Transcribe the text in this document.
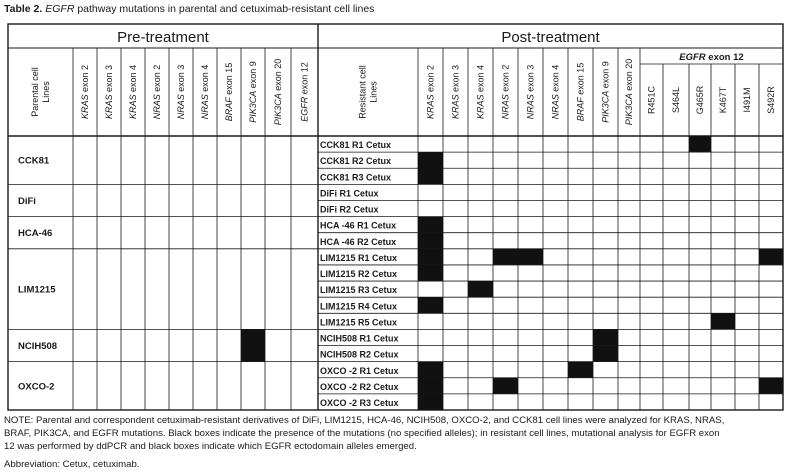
Table 2. EGFR pathway mutations in parental and cetuximab-resistant cell lines
Pre-treatment	Post-treatment
EGFR exon 12
Parental cellLines
KRAS exon 2
KRAS exon 3
KRAS exon 4
NRAS exon 2
NRAS exon 3
NRAS exon 4
BRAF exon 15
PIK3CA exon 9
PIK3CA exon 20
EGFR exon 12	Resistant cellLines
KRAS exon 2
KRAS exon 3
KRAS exon 4
NRAS exon 2
NRAS exon 3
NRAS exon 4
BRAF exon 15
PIK3CA exon 9
PIK3CA exon 20
R451C S464L G465R K467T I491M S492R
CCK81
DiFi
HCA-46
LIM1215
NCIH508
OXCO-2
CCK81 R1 Cetux
CCK81 R2 Cetux
CCK81 R3 Cetux
DiFi R1 Cetux
DiFi R2 Cetux
HCA -46 R1 Cetux
HCA -46 R2 Cetux
LIM1215 R1 Cetux
LIM1215 R2 Cetux
LIM1215 R3 Cetux
LIM1215 R4 Cetux
LIM1215 R5 Cetux
NCIH508 R1 Cetux
NCIH508 R2 Cetux
OXCO -2 R1 Cetux
OXCO -2 R2 Cetux
OXCO -2 R3 Cetux

NOTE: Parental and correspondent cetuximab-resistant derivatives of DiFi, LIM1215, HCA-46, NCIH508, OXCO-2, and CCK81 cell lines were analyzed for KRAS, NRAS,

BRAF, PIK3CA, and EGFR mutations. Black boxes indicate the presence of the mutations (no specified alleles); in resistant cell lines, mutational analysis for EGFR exon

12 was performed by ddPCR and black boxes indicate which EGFR ectodomain alleles emerged.

Abbreviation: Cetux, cetuximab.
